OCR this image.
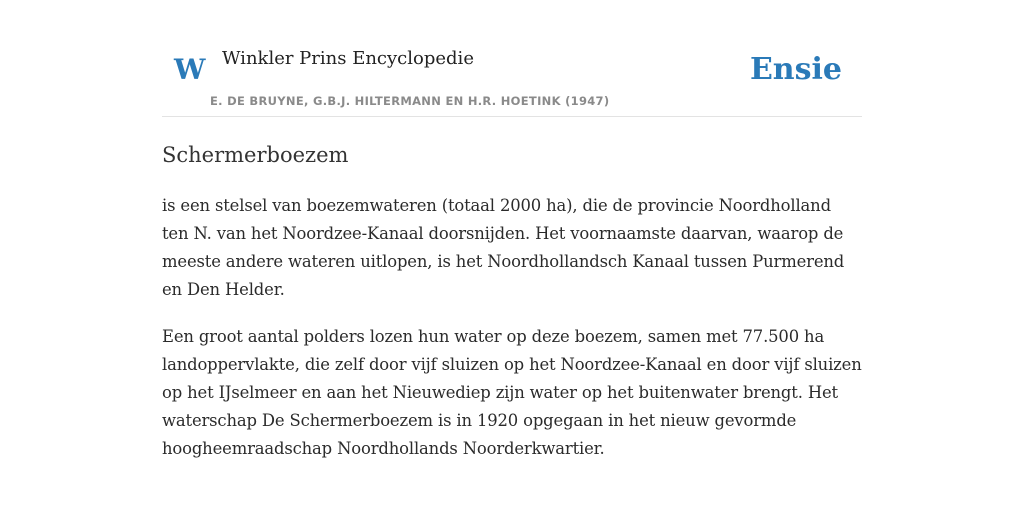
W Winkler Prins Encyclopedie
E. DE BRUYNE, G.B.J. HILTERMANN EN H.R. HOETINK (1947)
Ensie
Schermerboezem

is een stelsel van boezemwateren (totaal 2000 ha), die de provincie Noordholland ten N. van het Noordzee-Kanaal doorsnijden. Het voornaamste daarvan, waarop de meeste andere wateren uitlopen, is het Noordhollandsch Kanaal tussen Purmerend en Den Helder.

Een groot aantal polders lozen hun water op deze boezem, samen met 77.500 ha landoppervlakte, die zelf door vijf sluizen op het Noordzee-Kanaal en door vijf sluizen op het IJselmeer en aan het Nieuwediep zijn water op het buitenwater brengt. Het waterschap De Schermerboezem is in 1920 opgegaan in het nieuw gevormde hoogheemraadschap Noordhollands Noorderkwartier.
